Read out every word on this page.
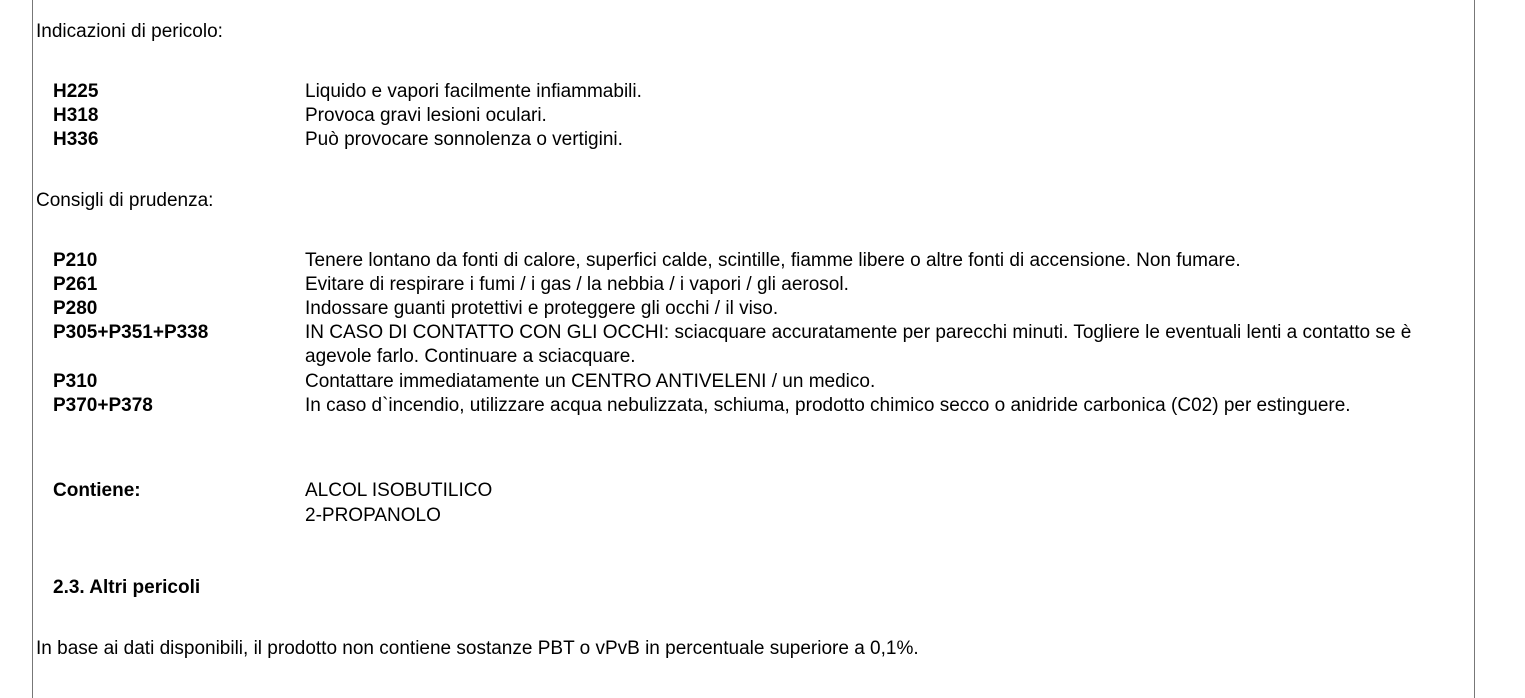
Indicazioni di pericolo:
H225	Liquido e vapori facilmente infiammabili.
H318	Provoca gravi lesioni oculari.
H336	Può provocare sonnolenza o vertigini.
Consigli di prudenza:
P210	Tenere lontano da fonti di calore, superfici calde, scintille, fiamme libere o altre fonti di accensione. Non fumare.
P261	Evitare di respirare i fumi / i gas / la nebbia / i vapori / gli aerosol.
P280	Indossare guanti protettivi e proteggere gli occhi / il viso.
P305+P351+P338	IN CASO DI CONTATTO CON GLI OCCHI: sciacquare accuratamente per parecchi minuti. Togliere le eventuali lenti a contatto se è agevole farlo. Continuare a sciacquare.
P310	Contattare immediatamente un CENTRO ANTIVELENI / un medico.
P370+P378	In caso d`incendio, utilizzare acqua nebulizzata, schiuma, prodotto chimico secco o anidride carbonica (C02) per estinguere.
Contiene:	ALCOL ISOBUTILICO
2-PROPANOLO
2.3. Altri pericoli
In base ai dati disponibili, il prodotto non contiene sostanze PBT o vPvB in percentuale superiore a 0,1%.
